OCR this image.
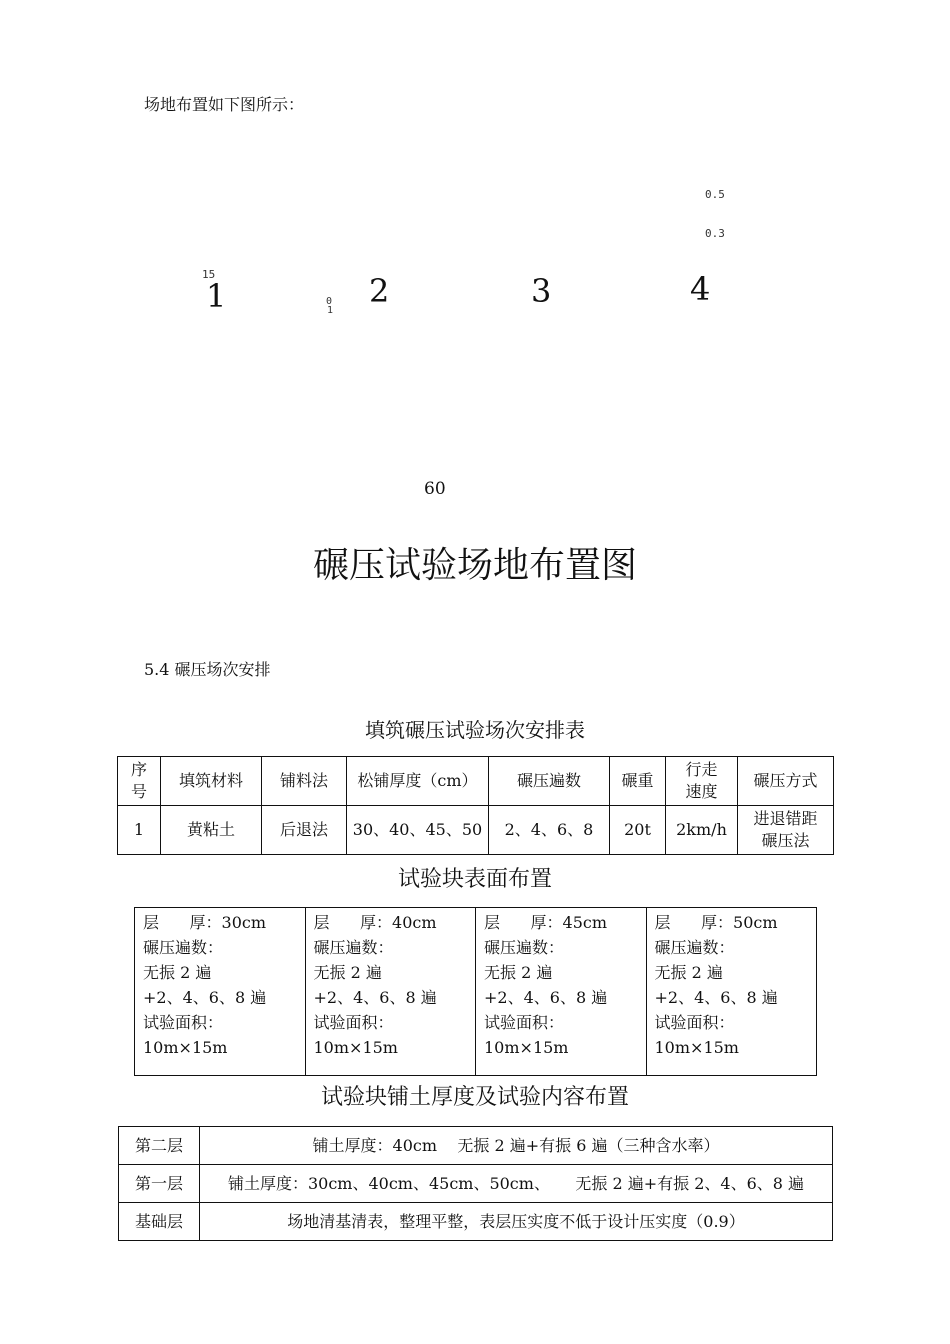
场地布置如下图所示：
0.5
0.3
15
0
1
1	2	3	4
60
碾压试验场地布置图
5.4 碾压场次安排
填筑碾压试验场次安排表
序号	填筑材料	铺料法	松铺厚度（cm）	碾压遍数	碾重	行走速度	碾压方式
1	黄粘土	后退法	30、40、45、50	2、4、6、8	20t	2km/h	进退错距碾压法
试验块表面布置
层      厚：30cm
碾压遍数：
无振 2 遍
+2、4、6、8 遍
试验面积：
10m×15m

层      厚：40cm
碾压遍数：
无振 2 遍
+2、4、6、8 遍
试验面积：
10m×15m

层      厚：45cm
碾压遍数：
无振 2 遍
+2、4、6、8 遍
试验面积：
10m×15m

层      厚：50cm
碾压遍数：
无振 2 遍
+2、4、6、8 遍
试验面积：
10m×15m
试验块铺土厚度及试验内容布置
第二层	铺土厚度：40cm    无振 2 遍+有振 6 遍（三种含水率）
第一层	铺土厚度：30cm、40cm、45cm、50cm、     无振 2 遍+有振 2、4、6、8 遍
基础层	场地清基清表，整理平整，表层压实度不低于设计压实度（0.9）
